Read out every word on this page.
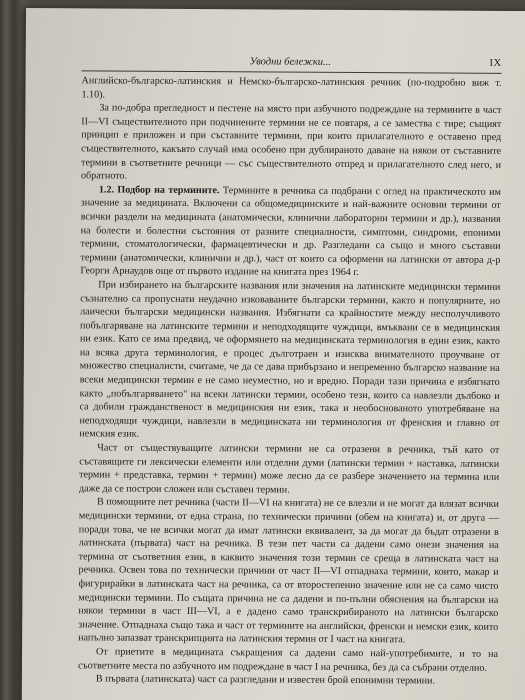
Уводни бележки...	IX

Английско-българско-латинския и Немско-българско-латинския речник (по-подробно виж т. 1.10).

За по-добра прегледност и пестене на място при азбучното подреждане на термините в част II—VI съществителното при подчинените термини не се повтаря, а се замества с тире; същият принцип е приложен и при съставните термини, при които прилагателното е оставено пред съществителното, какъвто случай има особено при дублираното даване на някои от съставните термини в съответните речници — със съществителното отпред и прилагателното след него, и обратното.

1.2. Подбор на термините. Термините в речника са подбрани с оглед на практическото им значение за медицината. Включени са общомедицинските и най-важните основни термини от всички раздели на медицината (анатомически, клинични лабораторни термини и др.), названия на болести и болестни състояния от разните специалности, симптоми, синдроми, епоними термини, стоматологически, фармацевтически и др. Разгледани са също и много съставни термини (анатомически, клинични и др.), част от които са оформени на латински от автора д-р Георги Арнаудов още от първото издание на книгата през 1964 г.

При избирането на българските названия или значения на латинските медицински термини съзнателно са пропуснати неудачно изковаваните български термини, както и популярните, но лаически български медицински названия. Избягнати са крайностите между несполучливото побългаряване на латинските термини и неподходящите чуждици, вмъквани се в медицинския ни език. Като се има предвид, че оформянето на медицинската терминология в един език, както на всяка друга терминология, е процес дълготраен и изисква внимателното проучване от множество специалисти, считаме, че да се дава прибързано и непременно българско название на всеки медицински термин е не само неуместно, но и вредно. Поради тази причина е избягнато както „побългаряването" на всеки латински термин, особено тези, които са навлезли дълбоко и са добили гражданственост в медицинския ни език, така и необоснованото употребяване на неподходящи чуждици, навлезли в медицинската ни терминология от френския и главно от немския език.

Част от съществуващите латински термини не са отразени в речника, тъй като от съставящите ги лексически елементи или отделни думи (латински термин + наставка, латински термин + представка, термин + термин) може лесно да се разбере значението на термина или даже да се построи сложен или съставен термин.

В помощните пет речника (части II—VI на книгата) не се влезли и не могат да влязат всички медицински термини, от една страна, по технически причини (обем на книгата) и, от друга — поради това, че не всички могат да имат латински еквивалент, за да могат да бъдат отразени в латинската (първата) част на речника. В тези пет части са дадени само онези значения на термина от съответния език, в каквито значения този термин се среща в латинската част на речника. Освен това по технически причини от част II—VI отпаднаха термини, които, макар и фигурирайки в латинската част на речника, са от второстепенно значение или не са само чисто медицински термини. По същата причина не са дадени и по-пълни обяснения на български на някои термини в част III—VI, а е дадено само транскрибираното на латински българско значение. Отпаднаха също така и част от термините на английски, френски и немски език, които напълно запазват транскрипцията на латинския термин от I част на книгата.

От приетите в медицината съкращения са дадени само най-употребимите, и то на съответните места по азбучното им подреждане в част I на речника, без да са събрани отделно.

В първата (латинската) част са разгледани и известен брой епонимни термини.
